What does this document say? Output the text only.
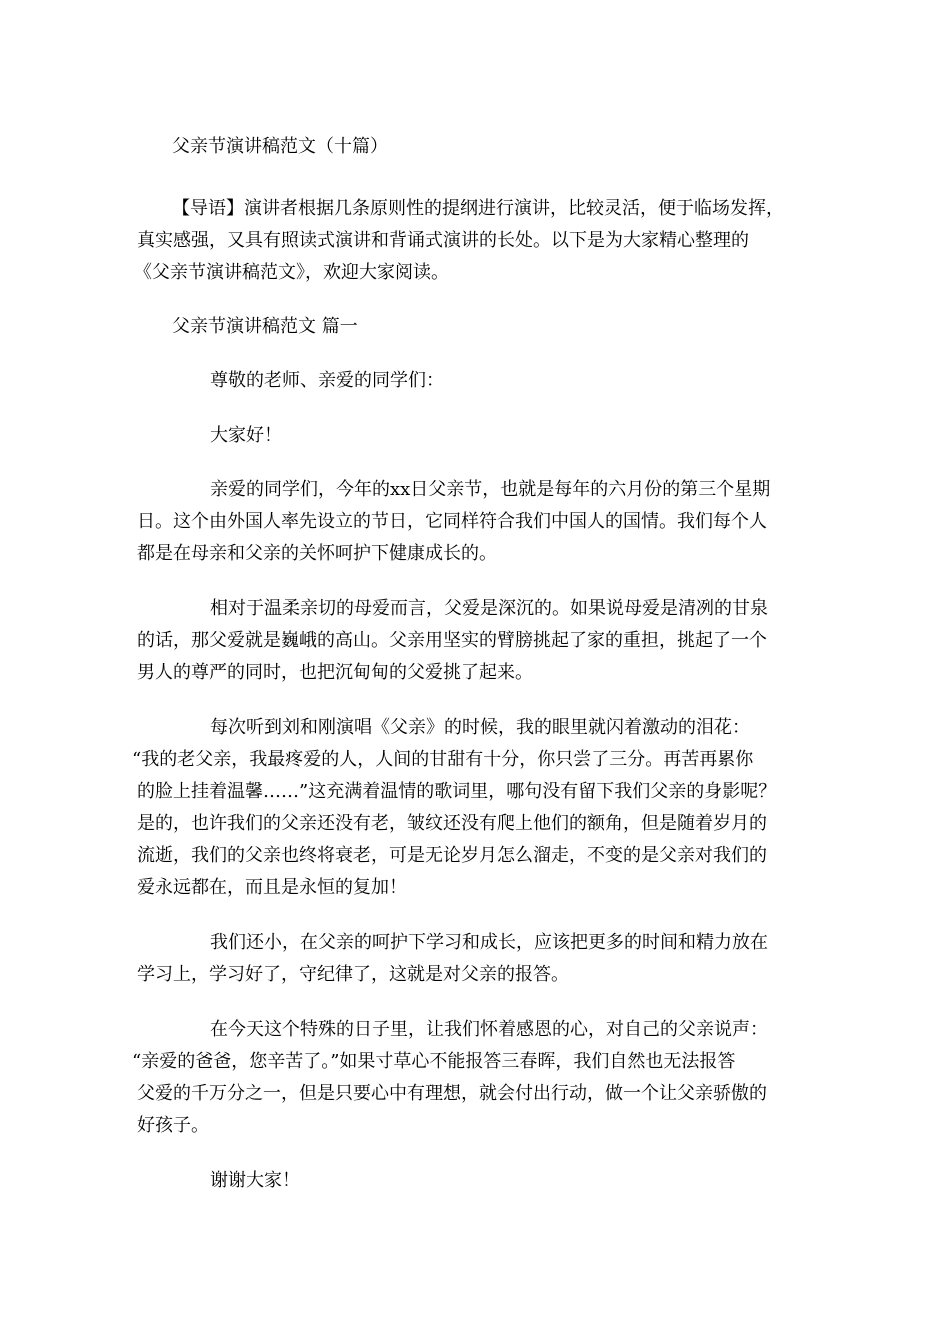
父亲节演讲稿范文（十篇）
【导语】演讲者根据几条原则性的提纲进行演讲，比较灵活，便于临场发挥，
真实感强，又具有照读式演讲和背诵式演讲的长处。以下是为大家精心整理的
《父亲节演讲稿范文》，欢迎大家阅读。
父亲节演讲稿范文 篇一
尊敬的老师、亲爱的同学们：
大家好！
亲爱的同学们，今年的xx日父亲节，也就是每年的六月份的第三个星期
日。这个由外国人率先设立的节日，它同样符合我们中国人的国情。我们每个人
都是在母亲和父亲的关怀呵护下健康成长的。
相对于温柔亲切的母爱而言，父爱是深沉的。如果说母爱是清冽的甘泉
的话，那父爱就是巍峨的高山。父亲用坚实的臂膀挑起了家的重担，挑起了一个
男人的尊严的同时，也把沉甸甸的父爱挑了起来。
每次听到刘和刚演唱《父亲》的时候，我的眼里就闪着激动的泪花：
“我的老父亲，我最疼爱的人，人间的甘甜有十分，你只尝了三分。再苦再累你
的脸上挂着温馨……”这充满着温情的歌词里，哪句没有留下我们父亲的身影呢？
是的，也许我们的父亲还没有老，皱纹还没有爬上他们的额角，但是随着岁月的
流逝，我们的父亲也终将衰老，可是无论岁月怎么溜走，不变的是父亲对我们的
爱永远都在，而且是永恒的复加！
我们还小，在父亲的呵护下学习和成长，应该把更多的时间和精力放在
学习上，学习好了，守纪律了，这就是对父亲的报答。
在今天这个特殊的日子里，让我们怀着感恩的心，对自己的父亲说声：
“亲爱的爸爸，您辛苦了。”如果寸草心不能报答三春晖，我们自然也无法报答
父爱的千万分之一，但是只要心中有理想，就会付出行动，做一个让父亲骄傲的
好孩子。
谢谢大家！
